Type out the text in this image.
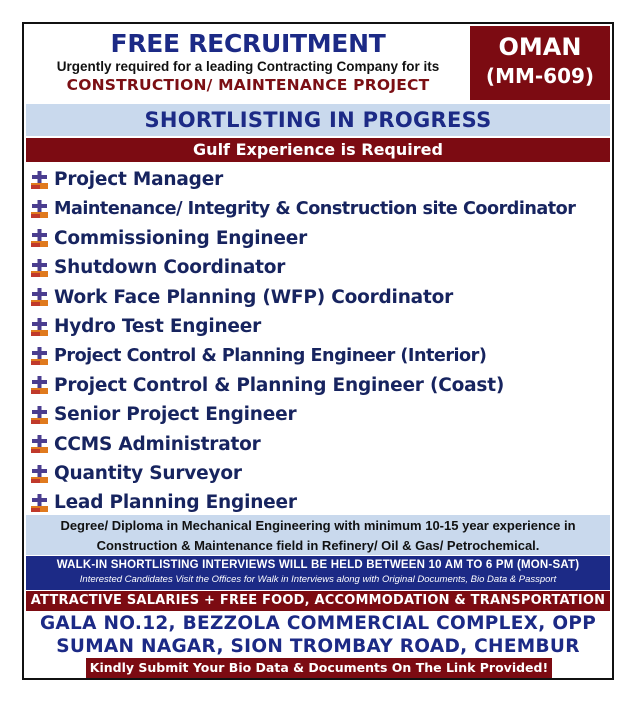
FREE RECRUITMENT
Urgently required for a leading Contracting Company for its
CONSTRUCTION/ MAINTENANCE PROJECT
OMAN
(MM-609)
SHORTLISTING IN PROGRESS
Gulf Experience is Required
Project Manager
Maintenance/ Integrity & Construction site Coordinator
Commissioning Engineer
Shutdown Coordinator
Work Face Planning (WFP) Coordinator
Hydro Test Engineer
Project Control & Planning Engineer (Interior)
Project Control & Planning Engineer (Coast)
Senior Project Engineer
CCMS Administrator
Quantity Surveyor
Lead Planning Engineer
Degree/ Diploma in Mechanical Engineering with minimum 10-15 year experience in
Construction & Maintenance field in Refinery/ Oil & Gas/ Petrochemical.
WALK-IN SHORTLISTING INTERVIEWS WILL BE HELD BETWEEN 10 AM TO 6 PM (MON-SAT)
Interested Candidates Visit the Offices for Walk in Interviews along with Original Documents, Bio Data & Passport
ATTRACTIVE SALARIES + FREE FOOD, ACCOMMODATION & TRANSPORTATION
GALA NO.12, BEZZOLA COMMERCIAL COMPLEX, OPP
SUMAN NAGAR, SION TROMBAY ROAD, CHEMBUR
Kindly Submit Your Bio Data & Documents On The Link Provided!
